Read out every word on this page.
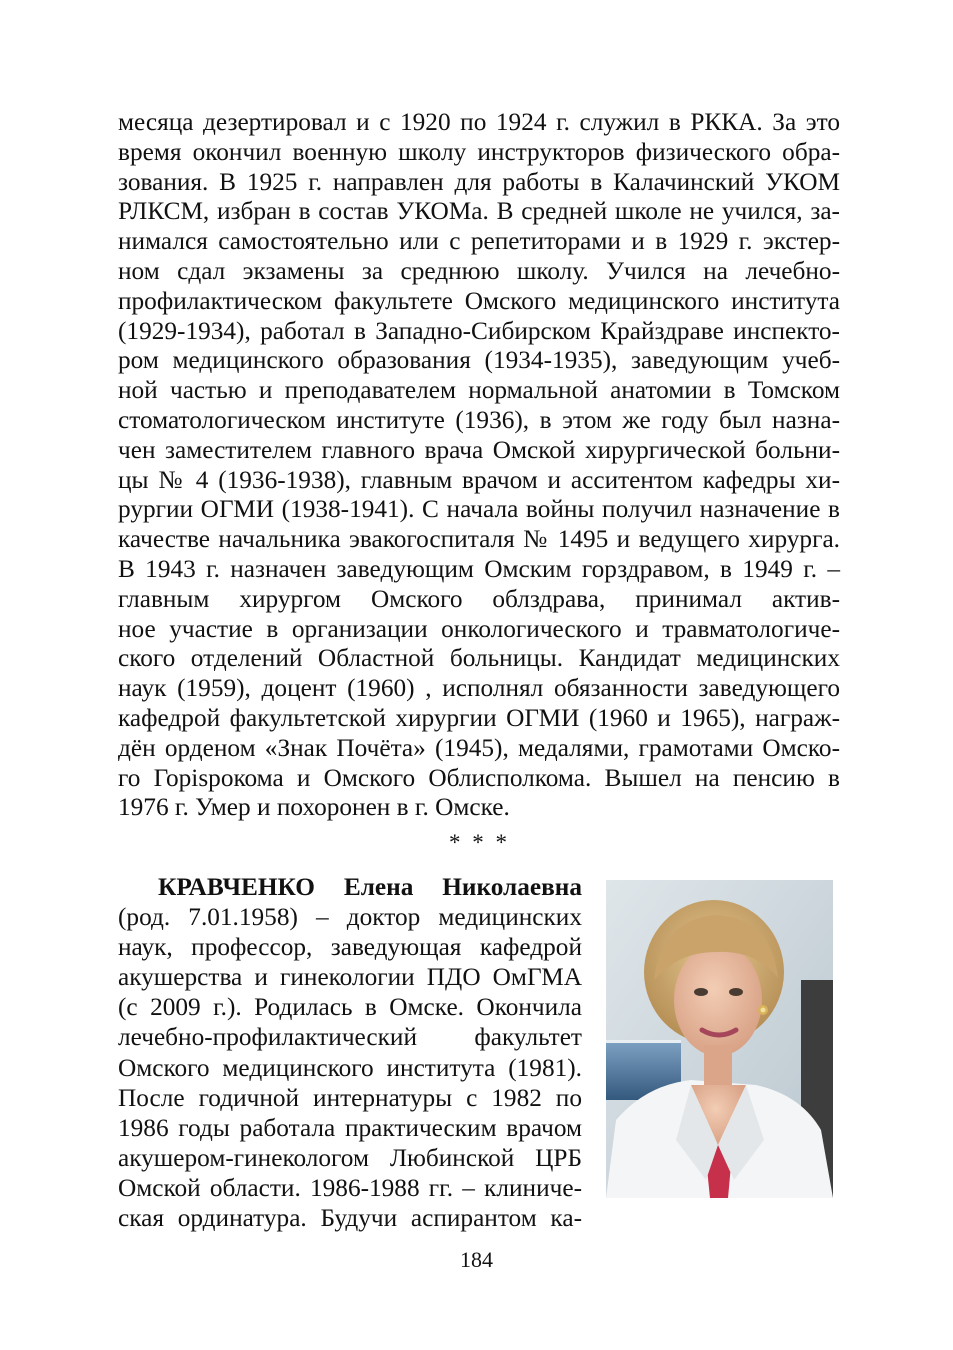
месяца дезертировал и с 1920 по 1924 г. служил в РККА. За это
время окончил военную школу инструкторов физического обра-
зования. В 1925 г. направлен для работы в Калачинский УКОМ
РЛКСМ, избран в состав УКОМа. В средней школе не учился, за-
нимался самостоятельно или с репетиторами и в 1929 г. экстер-
ном сдал экзамены за среднюю школу. Учился на лечебно-
профилактическом факультете Омского медицинского института
(1929-1934), работал в Западно-Сибирском Крайздраве инспекто-
ром медицинского образования (1934-1935), заведующим учеб-
ной частью и преподавателем нормальной анатомии в Томском
стоматологическом институте (1936), в этом же году был назна-
чен заместителем главного врача Омской хирургической больни-
цы № 4 (1936-1938), главным врачом и асситентом кафедры хи-
рургии ОГМИ (1938-1941). С начала войны получил назначение в
качестве начальника эвакогоспиталя № 1495 и ведущего хирурга.
В 1943 г. назначен заведующим Омским горздравом, в 1949 г. –
главным хирургом Омского облздрава, принимал актив-
ное участие в организации онкологического и травматологиче-
ского отделений Областной больницы. Кандидат медицинских
наук (1959), доцент (1960) , исполнял обязанности заведующего
кафедрой факультетской хирургии ОГМИ (1960 и 1965), награж-
дён орденом «Знак Почёта» (1945), медалями, грамотами Омско-
го Горispокома и Омского Облисполкома. Вышел на пенсию в
1976 г. Умер и похоронен в г. Омске.
* * *
КРАВЧЕНКО Елена Николаевна
(род. 7.01.1958) – доктор медицинских
наук, профессор, заведующая кафедрой
акушерства и гинекологии ПДО ОмГМА
(с 2009 г.). Родилась в Омске. Окончила
лечебно-профилактический факультет
Омского медицинского института (1981).
После годичной интернатуры с 1982 по
1986 годы работала практическим врачом
акушером-гинекологом Любинской ЦРБ
Омской области. 1986-1988 гг. – клиниче-
ская ординатура. Будучи аспирантом ка-
184
